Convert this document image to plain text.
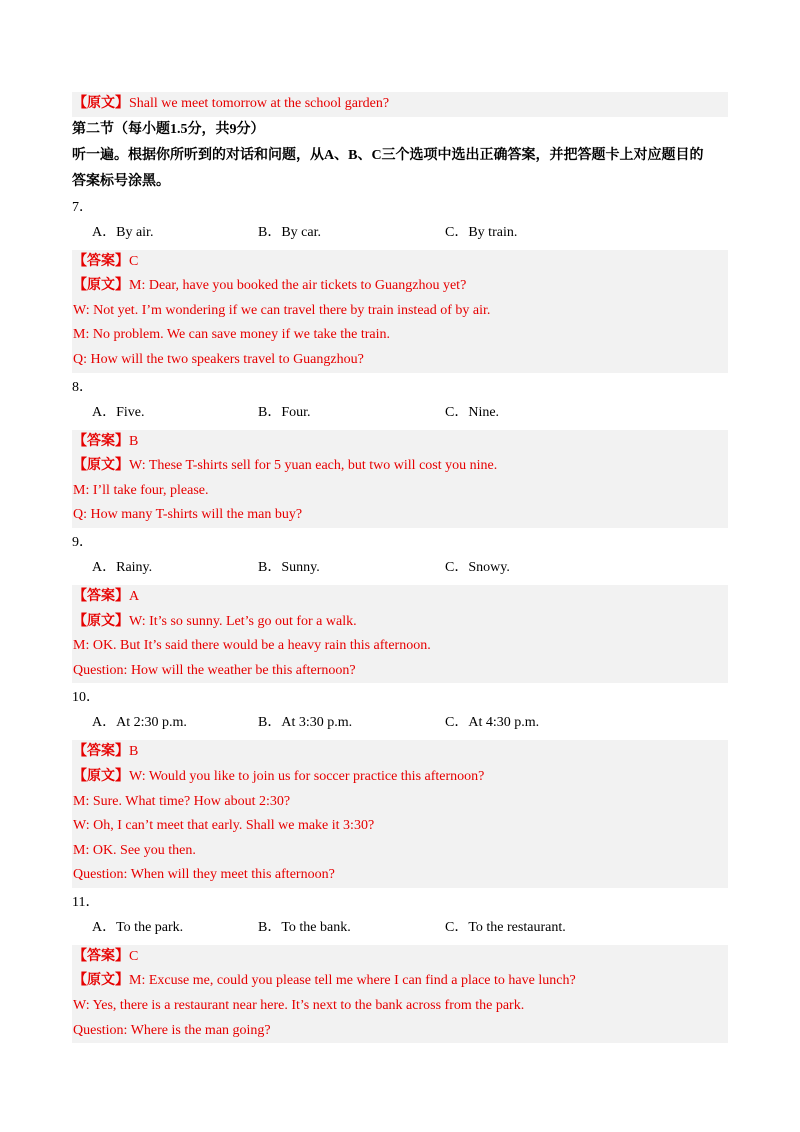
【原文】Shall we meet tomorrow at the school garden?
第二节（每小题1.5分，共9分）
听一遍。根据你所听到的对话和问题，从A、B、C三个选项中选出正确答案，并把答题卡上对应题目的
答案标号涂黑。
7．
A．By air.	B．By car.	C．By train.
【答案】C
【原文】M: Dear, have you booked the air tickets to Guangzhou yet?
W: Not yet. I’m wondering if we can travel there by train instead of by air.
M: No problem. We can save money if we take the train.
Q: How will the two speakers travel to Guangzhou?
8．
A．Five.	B．Four.	C．Nine.
【答案】B
【原文】W: These T-shirts sell for 5 yuan each, but two will cost you nine.
M: I’ll take four, please.
Q: How many T-shirts will the man buy?
9．
A．Rainy.	B．Sunny.	C．Snowy.
【答案】A
【原文】W: It’s so sunny. Let’s go out for a walk.
M: OK. But It’s said there would be a heavy rain this afternoon.
Question: How will the weather be this afternoon?
10．
A．At 2:30 p.m.	B．At 3:30 p.m.	C．At 4:30 p.m.
【答案】B
【原文】W: Would you like to join us for soccer practice this afternoon?
M: Sure. What time? How about 2:30?
W: Oh, I can’t meet that early. Shall we make it 3:30?
M: OK. See you then.
Question: When will they meet this afternoon?
11．
A．To the park.	B．To the bank.	C．To the restaurant.
【答案】C
【原文】M: Excuse me, could you please tell me where I can find a place to have lunch?
W: Yes, there is a restaurant near here. It’s next to the bank across from the park.
Question: Where is the man going?
